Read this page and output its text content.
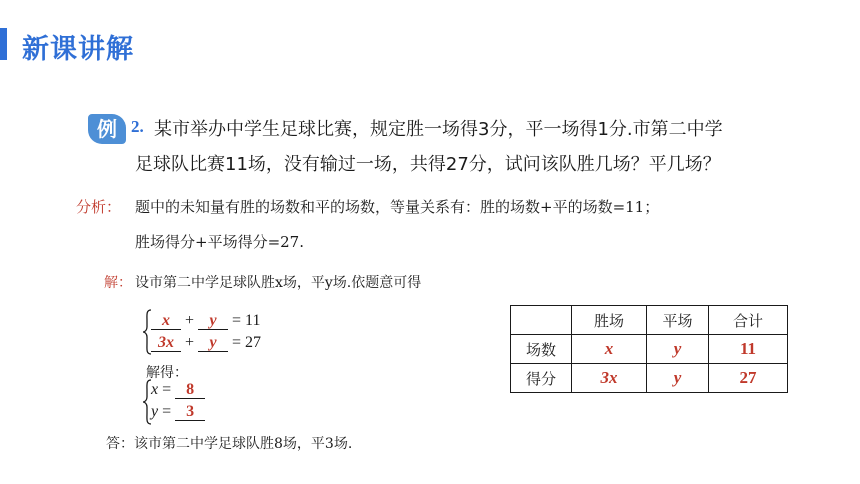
新课讲解
例 2. 某市举办中学生足球比赛，规定胜一场得3分，平一场得1分.市第二中学
足球队比赛11场，没有输过一场，共得27分，试问该队胜几场？平几场？
分析： 题中的未知量有胜的场数和平的场数，等量关系有：胜的场数+平的场数=11；
胜场得分+平场得分=27.
解： 设市第二中学足球队胜x场，平y场.依题意可得
x + y = 11
3x + y = 27
解得：
x = 8
y = 3
答：该市第二中学足球队胜8场，平3场.
	胜场	平场	合计
场数	x	y	11
得分	3x	y	27
